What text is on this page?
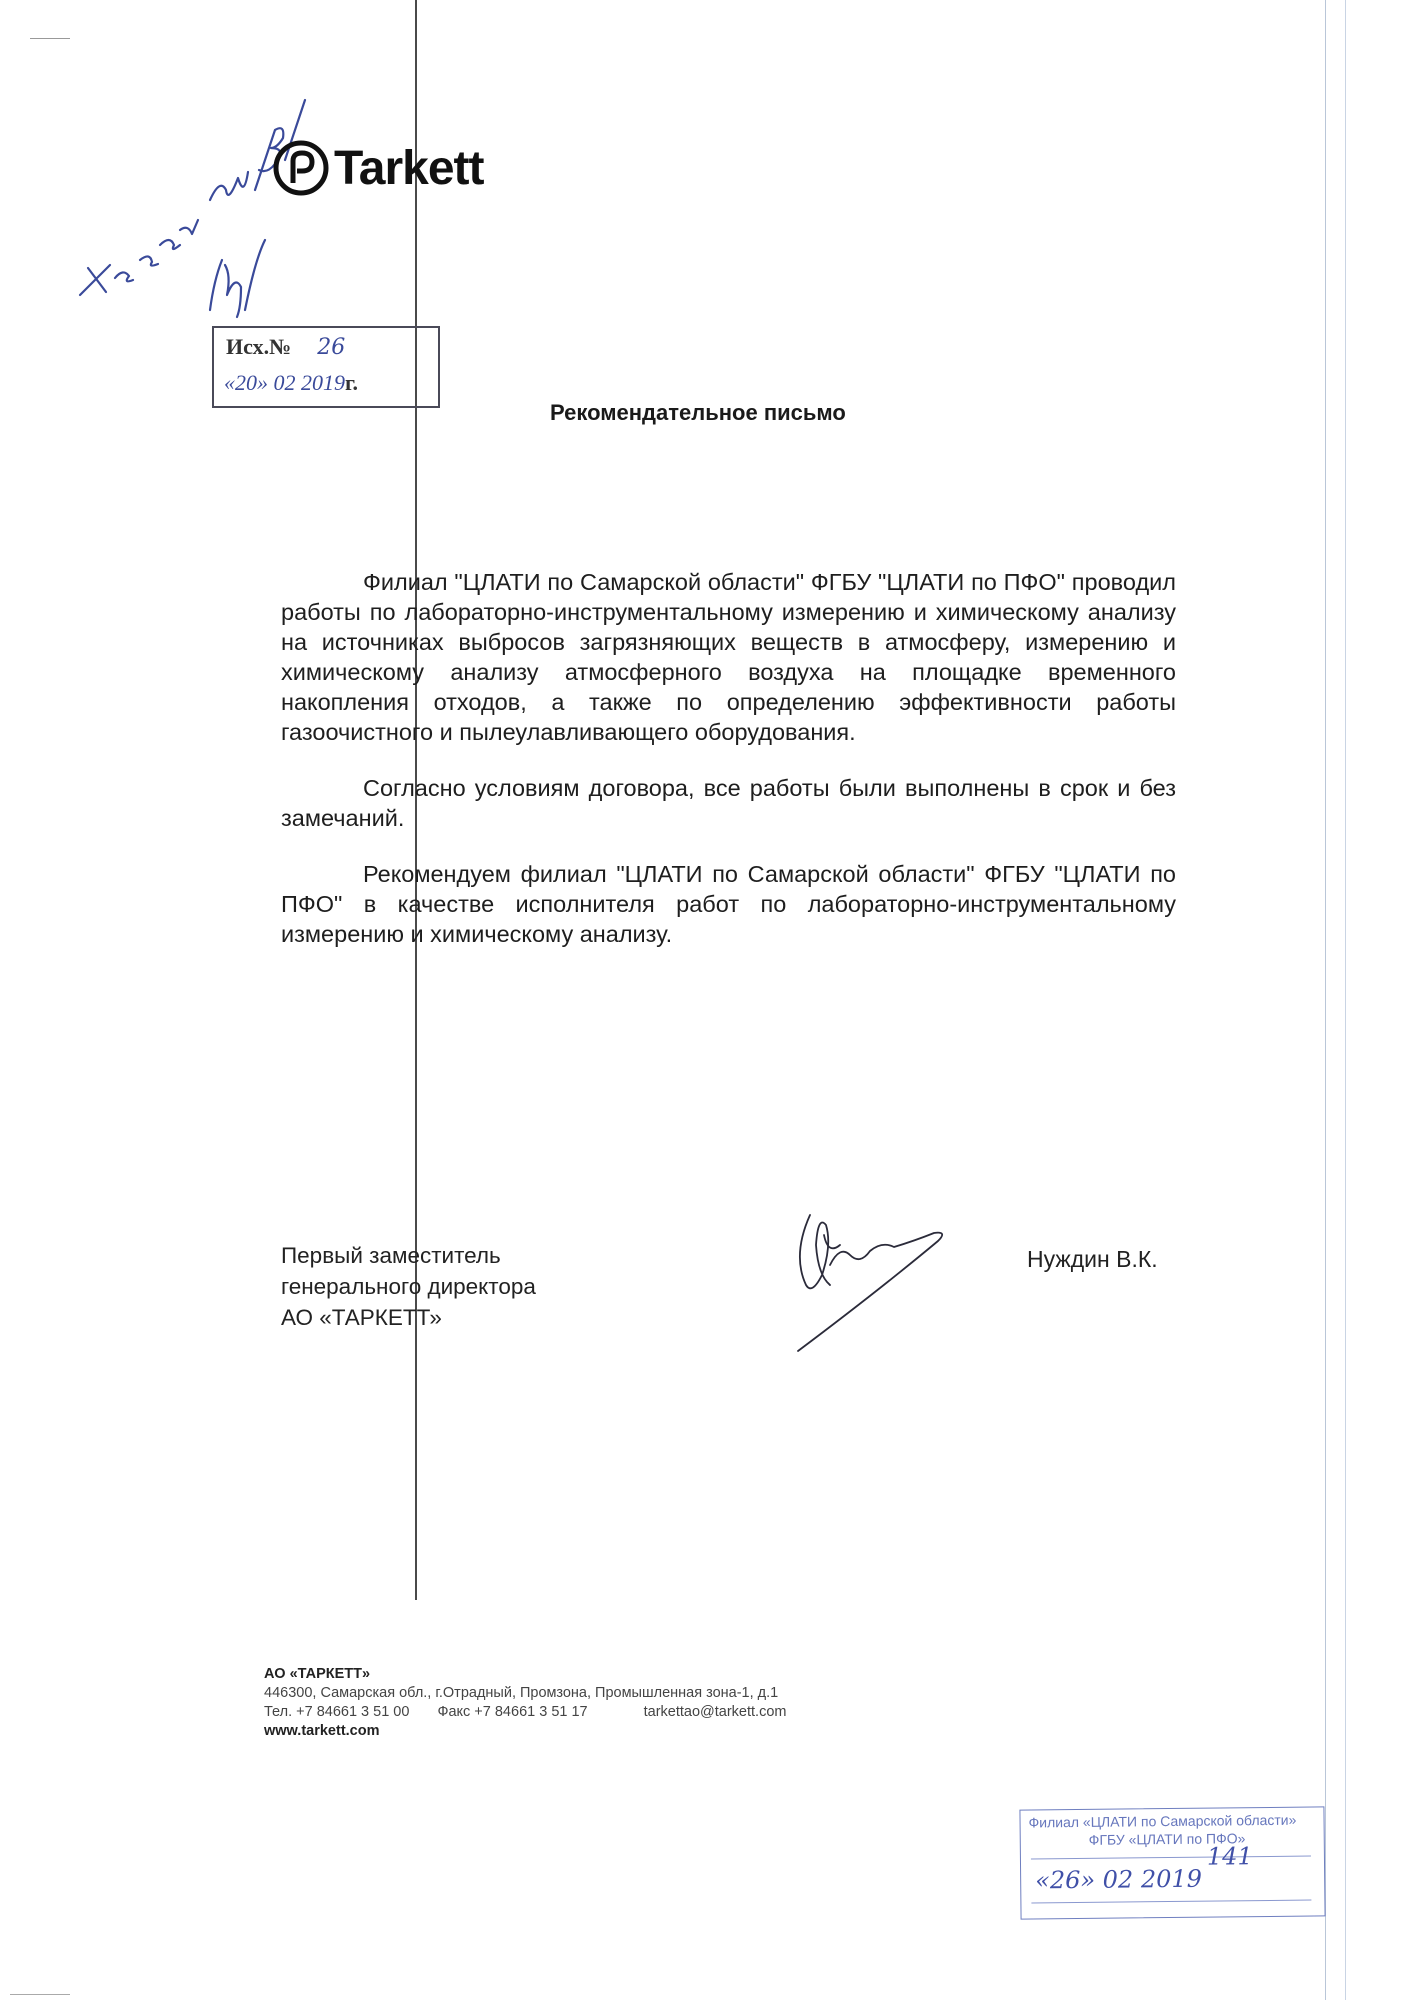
Tarkett
Исх.№ 26
«20» 02 2019г.
Рекомендательное письмо

Филиал "ЦЛАТИ по Самарской области" ФГБУ "ЦЛАТИ по ПФО" проводил работы по лабораторно-инструментальному измерению и химическому анализу на источниках выбросов загрязняющих веществ в атмосферу, измерению и химическому анализу атмосферного воздуха на площадке временного накопления отходов, а также по определению эффективности работы газоочистного и пылеулавливающего оборудования.

Согласно условиям договора, все работы были выполнены в срок и без замечаний.

Рекомендуем филиал "ЦЛАТИ по Самарской области" ФГБУ "ЦЛАТИ по ПФО" в качестве исполнителя работ по лабораторно-инструментальному измерению и химическому анализу.

Первый заместитель
генерального директора
АО «ТАРКЕТТ»
Нуждин В.К.
АО «ТАРКЕТТ»
446300, Самарская обл., г.Отрадный, Промзона, Промышленная зона-1, д.1
Тел. +7 84661 3 51 00 Факс +7 84661 3 51 17	tarkettao@tarkett.com
www.tarkett.com
Филиал «ЦЛАТИ по Самарской области»
ФГБУ «ЦЛАТИ по ПФО»
141
«26» 02 2019
